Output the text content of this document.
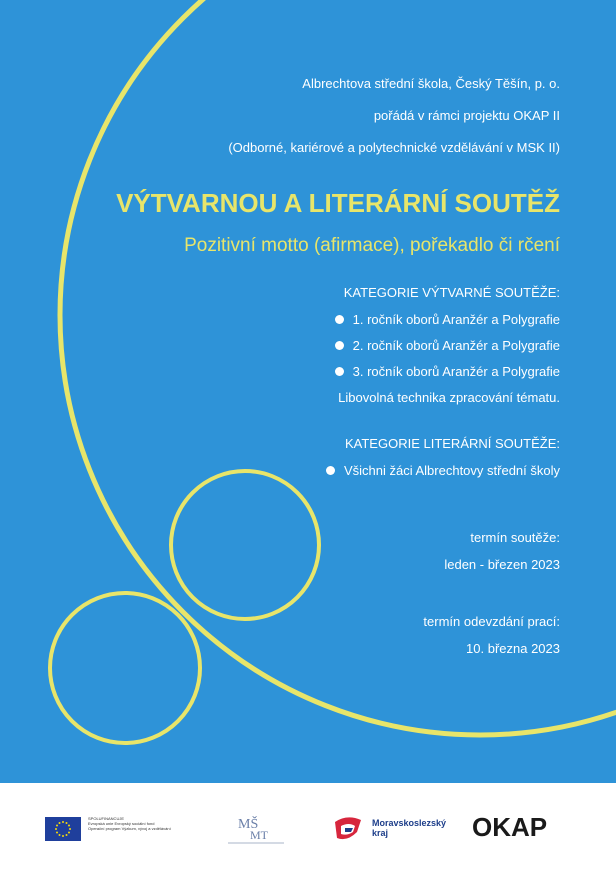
Albrechtova střední škola, Český Těšín, p. o.
pořádá v rámci projektu OKAP II
(Odborné, kariérové a polytechnické vzdělávání v MSK II)
VÝTVARNOU A LITERÁRNÍ SOUTĚŽ
Pozitivní motto (afirmace), pořekadlo či rčení
KATEGORIE VÝTVARNÉ SOUTĚŽE:
1. ročník oborů Aranžér a Polygrafie
2. ročník oborů Aranžér a Polygrafie
3. ročník oborů Aranžér a Polygrafie
Libovolná technika zpracování tématu.
KATEGORIE LITERÁRNÍ SOUTĚŽE:
Všichni žáci Albrechtovy střední školy
termín soutěže:
leden - březen 2023
termín odevzdání prací:
10. března 2023
SPOLUFINANCUJE
Evropská unie Evropský sociální fond
Operační program Výzkum, vývoj a vzdělávání	MŠ
MT
Moravskoslezský
kraj	OKAP
